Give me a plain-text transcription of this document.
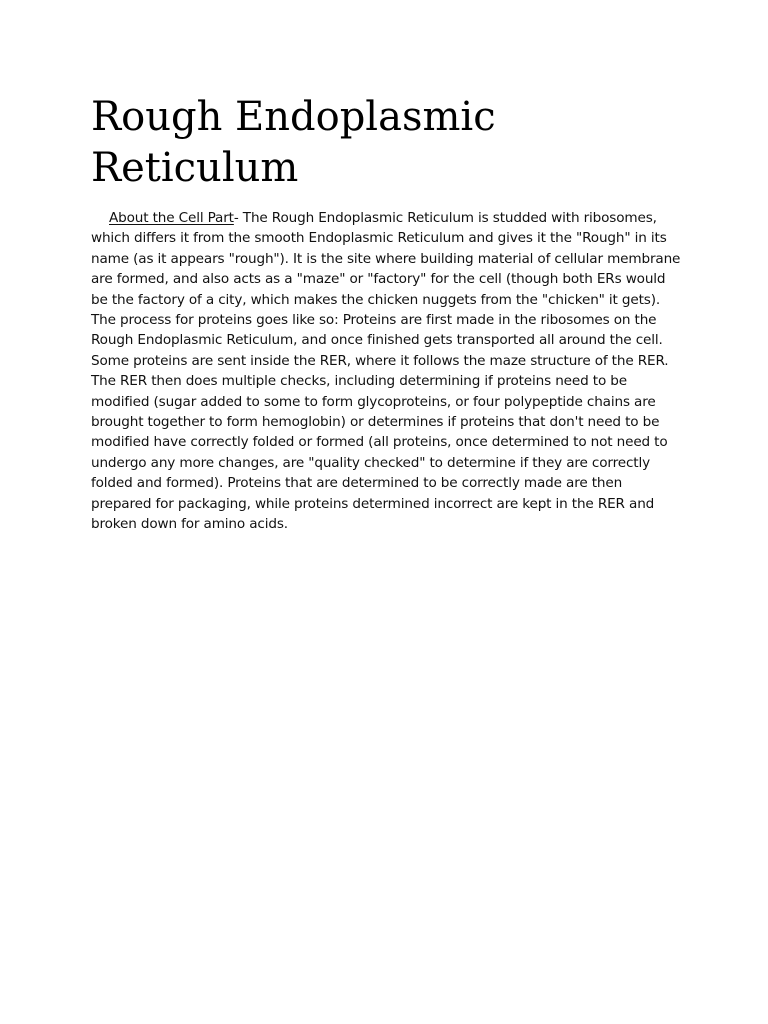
Rough Endoplasmic Reticulum

About the Cell Part- The Rough Endoplasmic Reticulum is studded with ribosomes, which differs it from the smooth Endoplasmic Reticulum and gives it the "Rough" in its name (as it appears "rough"). It is the site where building material of cellular membrane are formed, and also acts as a "maze" or "factory" for the cell (though both ERs would be the factory of a city, which makes the chicken nuggets from the "chicken" it gets). The process for proteins goes like so: Proteins are first made in the ribosomes on the Rough Endoplasmic Reticulum, and once finished gets transported all around the cell. Some proteins are sent inside the RER, where it follows the maze structure of the RER. The RER then does multiple checks, including determining if proteins need to be modified (sugar added to some to form glycoproteins, or four polypeptide chains are brought together to form hemoglobin) or determines if proteins that don't need to be modified have correctly folded or formed (all proteins, once determined to not need to undergo any more changes, are "quality checked" to determine if they are correctly folded and formed). Proteins that are determined to be correctly made are then prepared for packaging, while proteins determined incorrect are kept in the RER and broken down for amino acids.
